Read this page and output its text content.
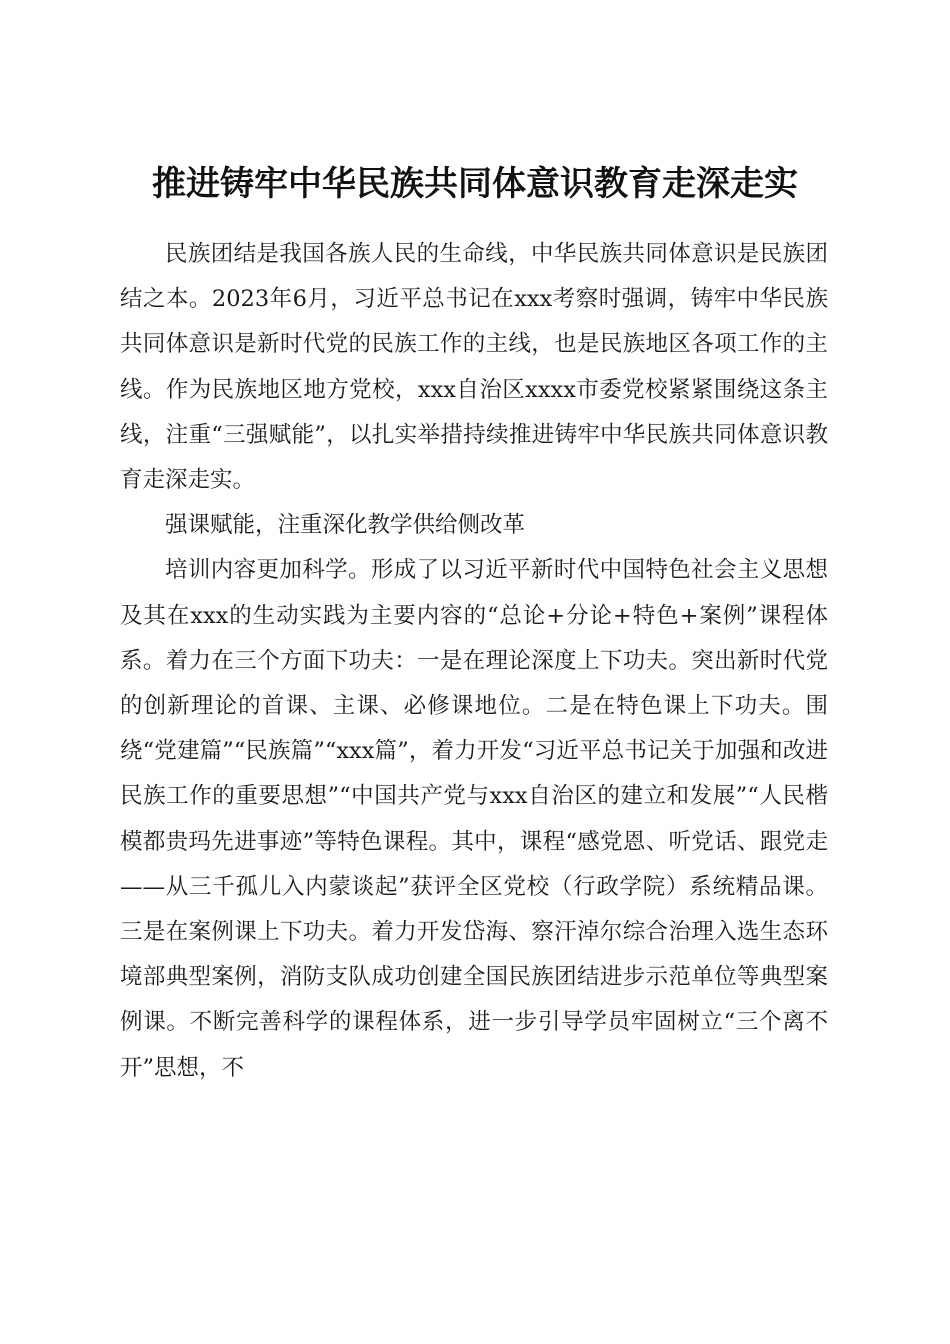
推进铸牢中华民族共同体意识教育走深走实

民族团结是我国各族人民的生命线，中华民族共同体意识是民族团结之本。2023年6月，习近平总书记在xxx考察时强调，铸牢中华民族共同体意识是新时代党的民族工作的主线，也是民族地区各项工作的主线。作为民族地区地方党校，xxx自治区xxxx市委党校紧紧围绕这条主线，注重“三强赋能”，以扎实举措持续推进铸牢中华民族共同体意识教育走深走实。

强课赋能，注重深化教学供给侧改革

培训内容更加科学。形成了以习近平新时代中国特色社会主义思想及其在xxx的生动实践为主要内容的“总论+分论+特色+案例”课程体系。着力在三个方面下功夫：一是在理论深度上下功夫。突出新时代党的创新理论的首课、主课、必修课地位。二是在特色课上下功夫。围绕“党建篇”“民族篇”“xxx篇”，着力开发“习近平总书记关于加强和改进民族工作的重要思想”“中国共产党与xxx自治区的建立和发展”“人民楷模都贵玛先进事迹”等特色课程。其中，课程“感党恩、听党话、跟党走——从三千孤儿入内蒙谈起”获评全区党校（行政学院）系统精品课。三是在案例课上下功夫。着力开发岱海、察汗淖尔综合治理入选生态环境部典型案例，消防支队成功创建全国民族团结进步示范单位等典型案例课。不断完善科学的课程体系，进一步引导学员牢固树立“三个离不开”思想，不
